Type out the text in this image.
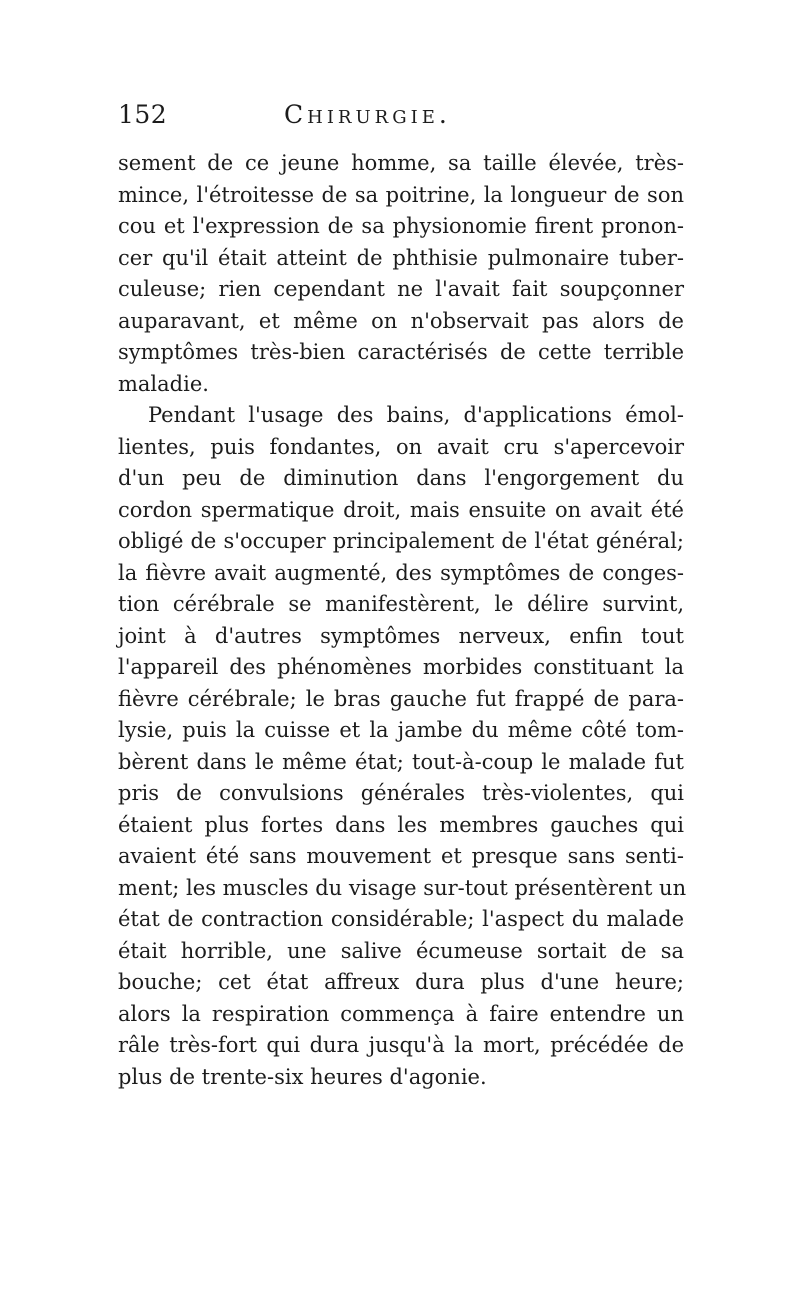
152	Chirurgie.
sement de ce jeune homme, sa taille élevée, très-
mince, l'étroitesse de sa poitrine, la longueur de son
cou et l'expression de sa physionomie firent pronon-
cer qu'il était atteint de phthisie pulmonaire tuber-
culeuse; rien cependant ne l'avait fait soupçonner
auparavant, et même on n'observait pas alors de
symptômes très-bien caractérisés de cette terrible
maladie.
Pendant l'usage des bains, d'applications émol-
lientes, puis fondantes, on avait cru s'apercevoir
d'un peu de diminution dans l'engorgement du
cordon spermatique droit, mais ensuite on avait été
obligé de s'occuper principalement de l'état général;
la fièvre avait augmenté, des symptômes de conges-
tion cérébrale se manifestèrent, le délire survint,
joint à d'autres symptômes nerveux, enfin tout
l'appareil des phénomènes morbides constituant la
fièvre cérébrale; le bras gauche fut frappé de para-
lysie, puis la cuisse et la jambe du même côté tom-
bèrent dans le même état; tout-à-coup le malade fut
pris de convulsions générales très-violentes, qui
étaient plus fortes dans les membres gauches qui
avaient été sans mouvement et presque sans senti-
ment; les muscles du visage sur-tout présentèrent un
état de contraction considérable; l'aspect du malade
était horrible, une salive écumeuse sortait de sa
bouche; cet état affreux dura plus d'une heure;
alors la respiration commença à faire entendre un
râle très-fort qui dura jusqu'à la mort, précédée de
plus de trente-six heures d'agonie.
